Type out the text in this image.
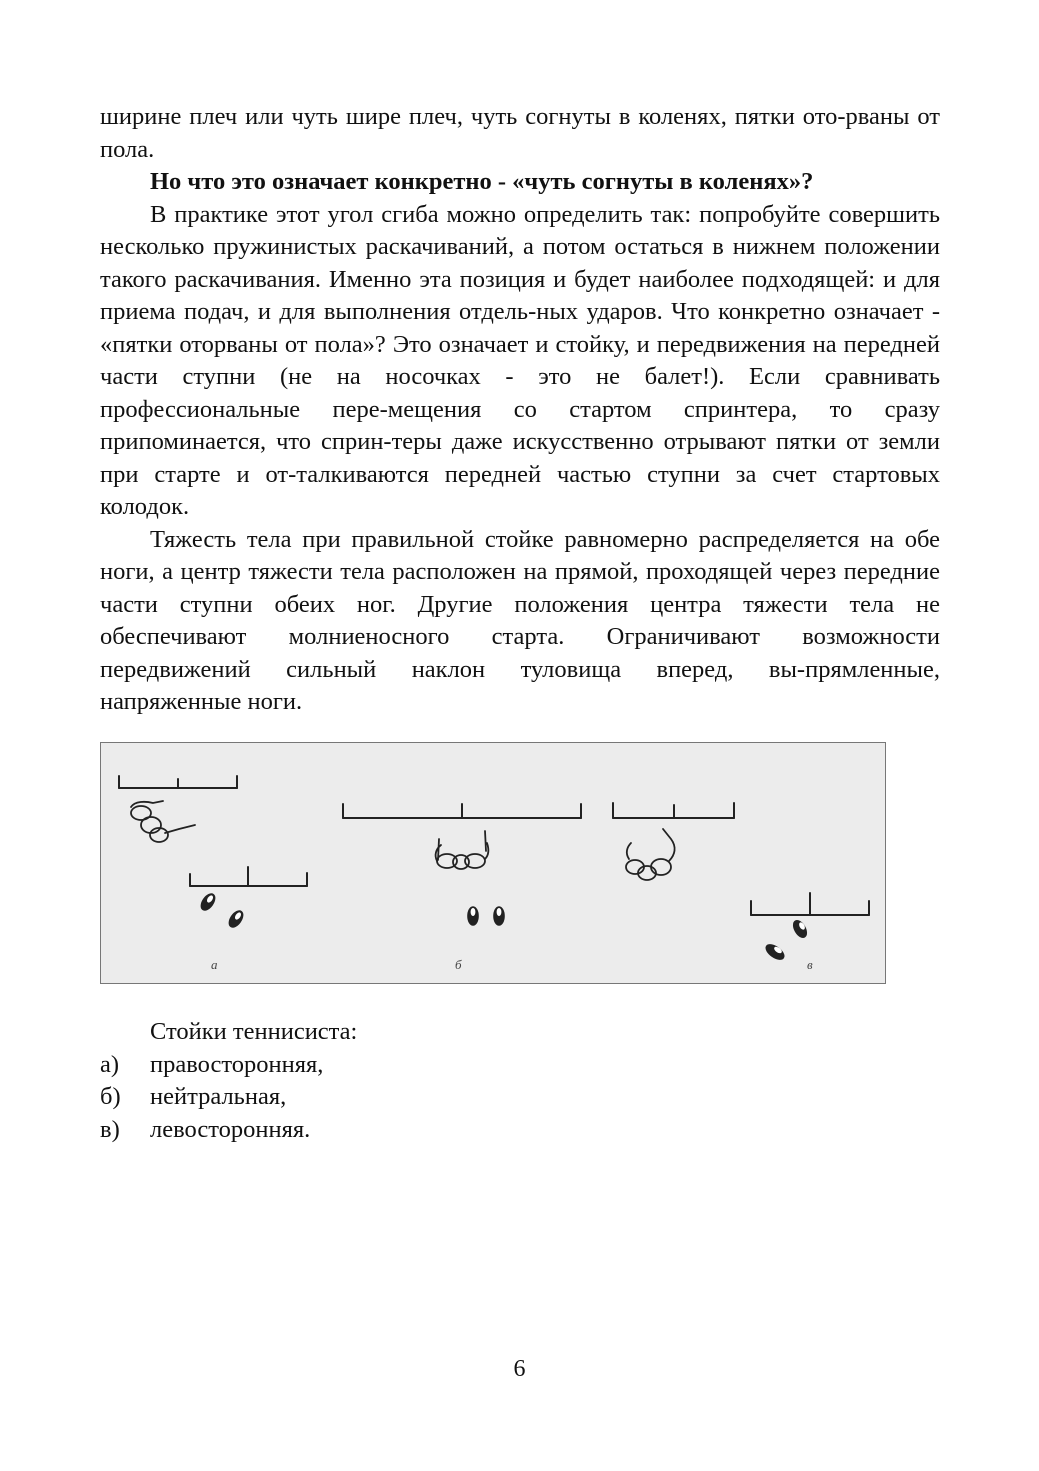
ширине плеч или чуть шире плеч, чуть согнуты в коленях, пятки ото-рваны от пола.

Но что это означает конкретно - «чуть согнуты в коленях»?

В практике этот угол сгиба можно определить так: попробуйте совершить несколько пружинистых раскачиваний, а потом остаться в нижнем положении такого раскачивания. Именно эта позиция и будет наиболее подходящей: и для приема подач, и для выполнения отдель-ных ударов. Что конкретно означает - «пятки оторваны от пола»? Это означает и стойку, и передвижения на передней части ступни (не на носочках - это не балет!). Если сравнивать профессиональные пере-мещения со стартом спринтера, то сразу припоминается, что сприн-теры даже искусственно отрывают пятки от земли при старте и от-талкиваются передней частью ступни за счет стартовых колодок.

Тяжесть тела при правильной стойке равномерно распределяется на обе ноги, а центр тяжести тела расположен на прямой, проходящей через передние части ступни обеих ног. Другие положения центра тяжести тела не обеспечивают молниеносного старта. Ограничивают возможности передвижений сильный наклон туловища вперед, вы-прямленные, напряженные ноги.

а	б	в
Стойки теннисиста:
а)	правосторонняя,
б)	нейтральная,
в)	левосторонняя.
6
